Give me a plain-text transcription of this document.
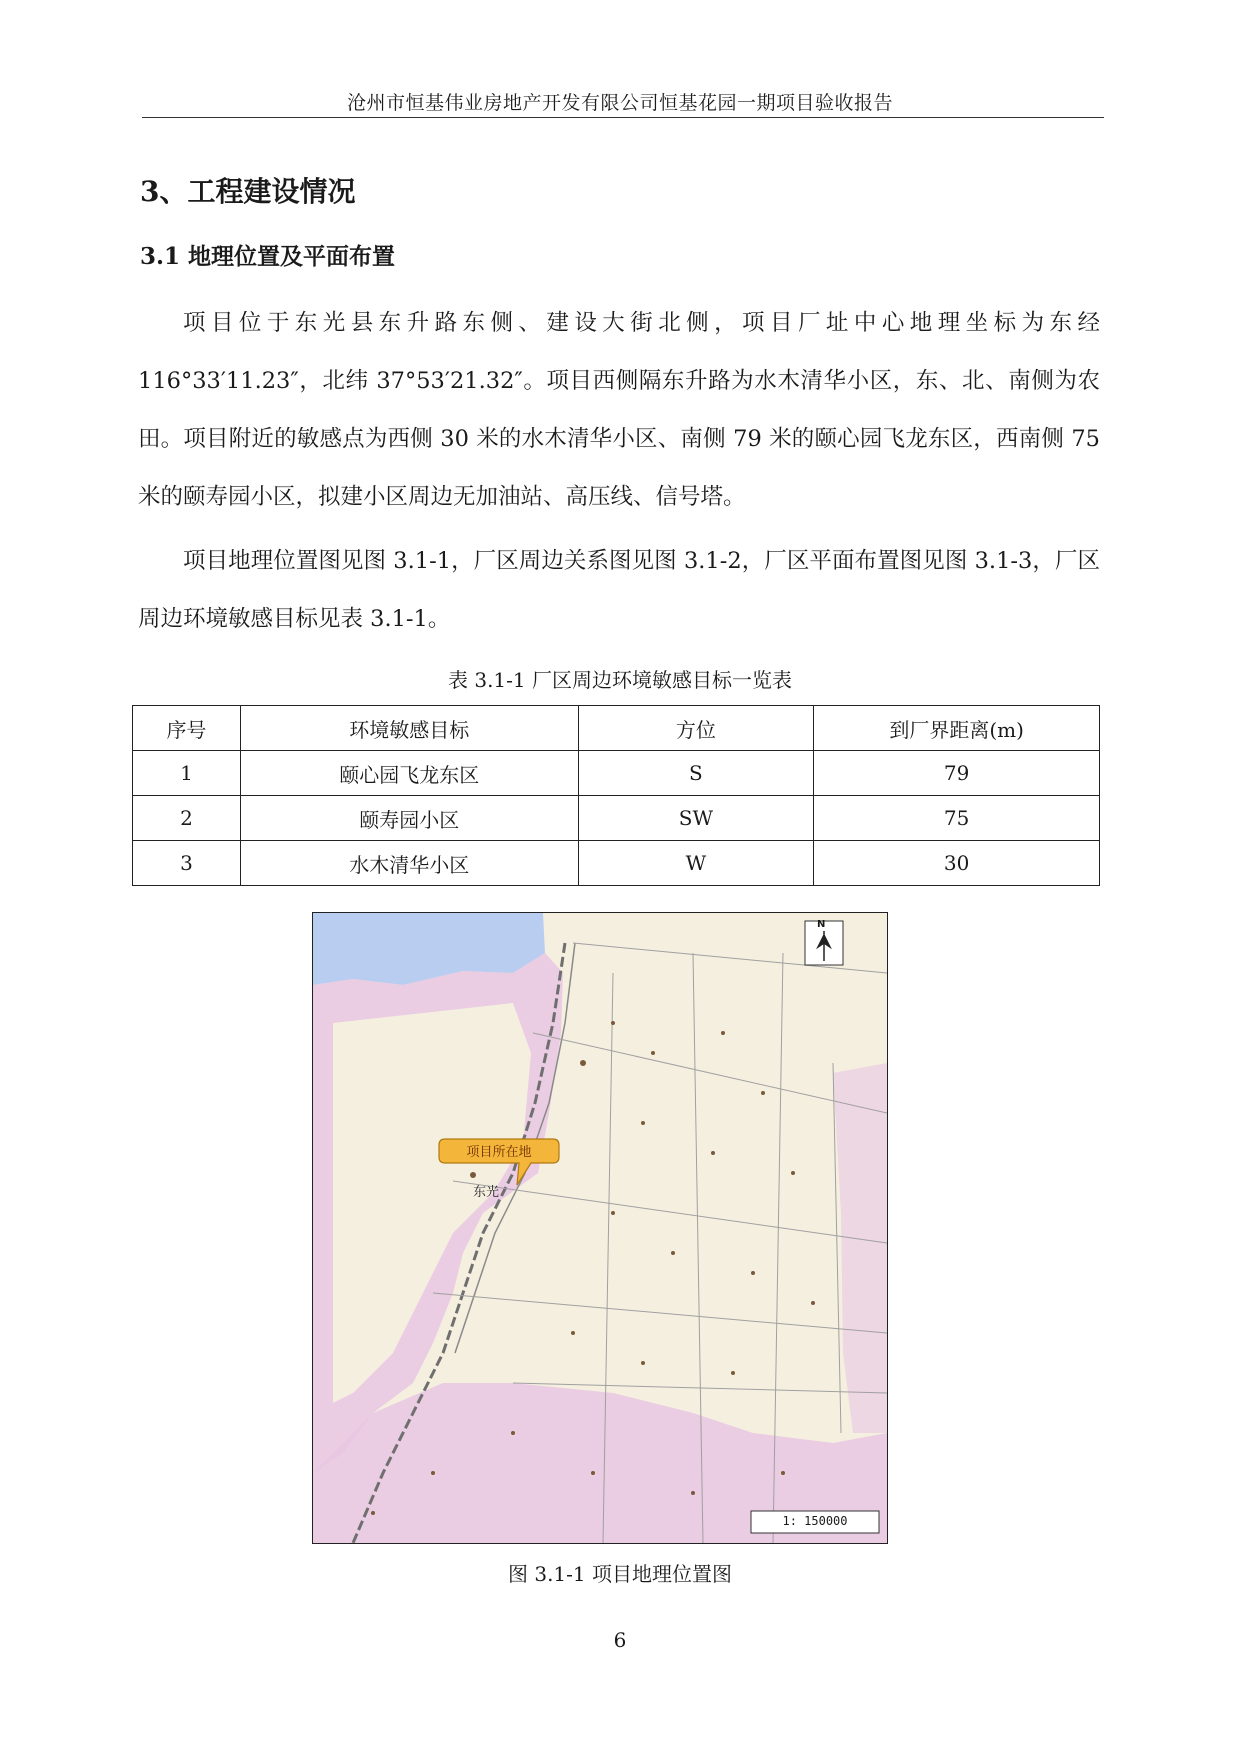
沧州市恒基伟业房地产开发有限公司恒基花园一期项目验收报告
3、工程建设情况
3.1 地理位置及平面布置

项目位于东光县东升路东侧、建设大街北侧，项目厂址中心地理坐标为东经116°33′11.23″，北纬 37°53′21.32″。项目西侧隔东升路为水木清华小区，东、北、南侧为农田。项目附近的敏感点为西侧 30 米的水木清华小区、南侧 79 米的颐心园飞龙东区，西南侧 75 米的颐寿园小区，拟建小区周边无加油站、高压线、信号塔。

项目地理位置图见图 3.1-1，厂区周边关系图见图 3.1-2，厂区平面布置图见图 3.1-3，厂区周边环境敏感目标见表 3.1-1。

表 3.1-1 厂区周边环境敏感目标一览表
序号	环境敏感目标	方位	到厂界距离(m)
1	颐心园飞龙东区	S	79
2	颐寿园小区	SW	75
3	水木清华小区	W	30
项目所在地
东光
N
1: 150000
图 3.1-1 项目地理位置图
6
